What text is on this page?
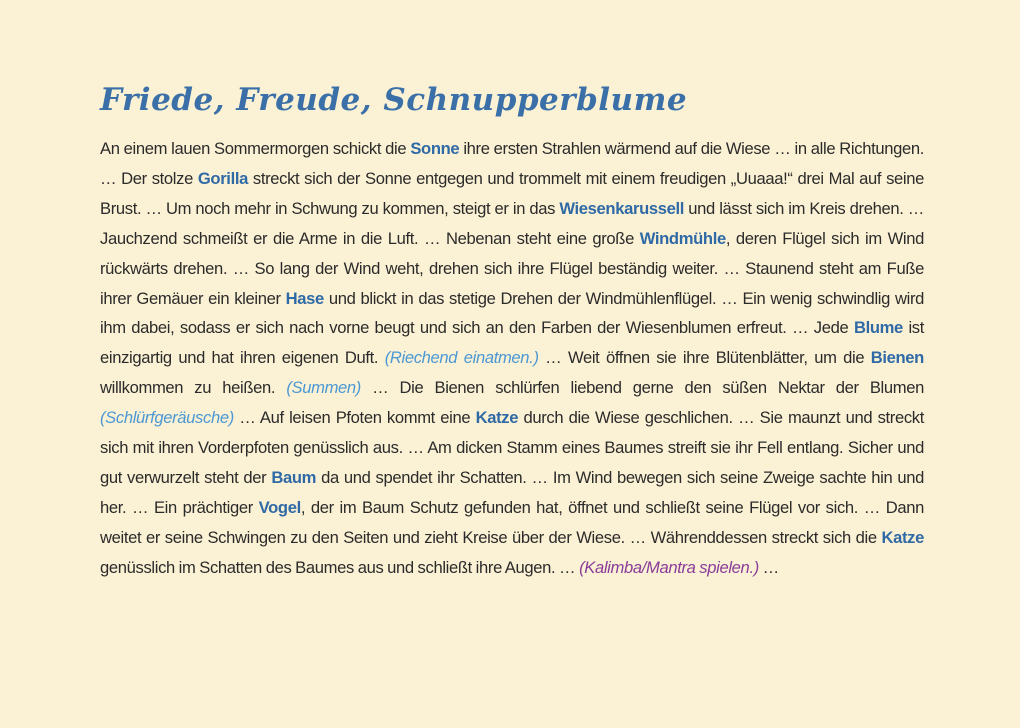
Friede, Freude, Schnupperblume

An einem lauen Sommermorgen schickt die Sonne ihre ersten Strahlen wärmend auf die Wiese … in alle Richtungen. … Der stolze Gorilla streckt sich der Sonne entgegen und trommelt mit einem freudigen „Uuaaa!“ drei Mal auf seine Brust. … Um noch mehr in Schwung zu kommen, steigt er in das Wiesenkarussell und lässt sich im Kreis drehen. … Jauchzend schmeißt er die Arme in die Luft. … Nebenan steht eine große Windmühle, deren Flügel sich im Wind rückwärts drehen. … So lang der Wind weht, drehen sich ihre Flügel beständig weiter. … Staunend steht am Fuße ihrer Gemäuer ein kleiner Hase und blickt in das stetige Drehen der Windmühlenflügel. … Ein wenig schwindlig wird ihm dabei, sodass er sich nach vorne beugt und sich an den Farben der Wiesenblumen erfreut. … Jede Blume ist einzigartig und hat ihren eigenen Duft. (Riechend einatmen.) … Weit öffnen sie ihre Blütenblätter, um die Bienen willkommen zu heißen. (Summen) … Die Bienen schlürfen liebend gerne den süßen Nektar der Blumen (Schlürfgeräusche) … Auf leisen Pfoten kommt eine Katze durch die Wiese geschlichen. … Sie maunzt und streckt sich mit ihren Vorderpfoten genüsslich aus. … Am dicken Stamm eines Baumes streift sie ihr Fell entlang. Sicher und gut verwurzelt steht der Baum da und spendet ihr Schatten. … Im Wind bewegen sich seine Zweige sachte hin und her. … Ein prächtiger Vogel, der im Baum Schutz gefunden hat, öffnet und schließt seine Flügel vor sich. … Dann weitet er seine Schwingen zu den Seiten und zieht Kreise über der Wiese. … Währenddessen streckt sich die Katze genüsslich im Schatten des Baumes aus und schließt ihre Augen. … (Kalimba/Mantra spielen.) …
